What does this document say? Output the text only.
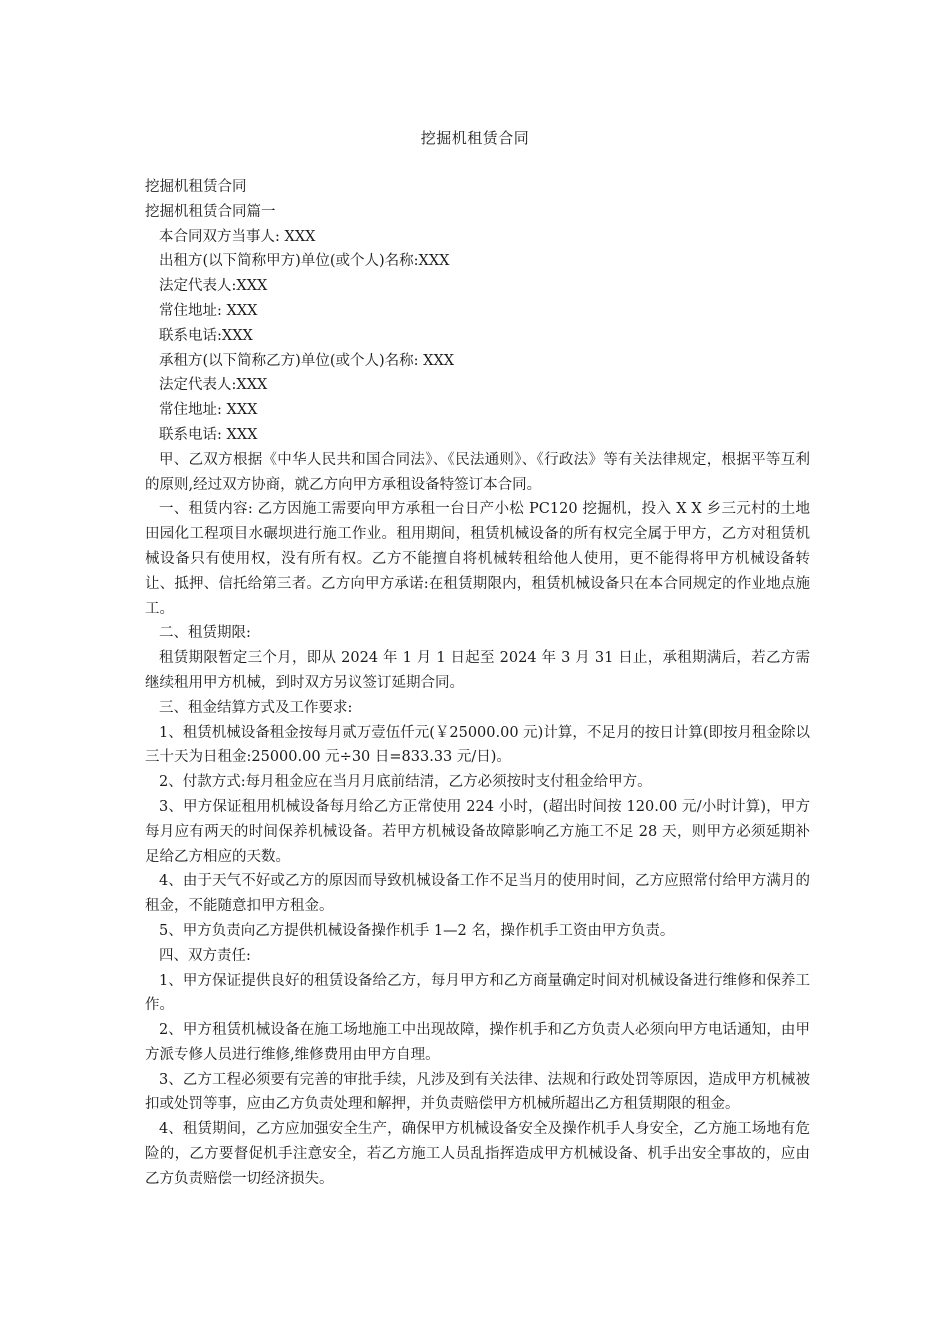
挖掘机租赁合同

挖掘机租赁合同

挖掘机租赁合同篇一

本合同双方当事人: XXX

出租方(以下简称甲方)单位(或个人)名称:XXX

法定代表人:XXX

常住地址: XXX

联系电话:XXX

承租方(以下简称乙方)单位(或个人)名称: XXX

法定代表人:XXX

常住地址: XXX

联系电话: XXX

甲、乙双方根据《中华人民共和国合同法》、《民法通则》、《行政法》等有关法律规定，根据平等互利的原则,经过双方协商，就乙方向甲方承租设备特签订本合同。

一、租赁内容: 乙方因施工需要向甲方承租一台日产小松 PC120 挖掘机，投入 X X 乡三元村的土地田园化工程项目水碾坝进行施工作业。租用期间，租赁机械设备的所有权完全属于甲方，乙方对租赁机械设备只有使用权，没有所有权。乙方不能擅自将机械转租给他人使用，更不能得将甲方机械设备转让、抵押、信托给第三者。乙方向甲方承诺:在租赁期限内，租赁机械设备只在本合同规定的作业地点施工。

二、租赁期限:

租赁期限暂定三个月，即从 2024 年 1 月 1 日起至 2024 年 3 月 31 日止，承租期满后，若乙方需继续租用甲方机械，到时双方另议签订延期合同。

三、租金结算方式及工作要求:

1、租赁机械设备租金按每月贰万壹伍仟元(￥25000.00 元)计算，不足月的按日计算(即按月租金除以三十天为日租金:25000.00 元÷30 日=833.33 元/日)。

2、付款方式:每月租金应在当月月底前结清，乙方必须按时支付租金给甲方。

3、甲方保证租用机械设备每月给乙方正常使用 224 小时，(超出时间按 120.00 元/小时计算)，甲方每月应有两天的时间保养机械设备。若甲方机械设备故障影响乙方施工不足 28 天，则甲方必须延期补足给乙方相应的天数。

4、由于天气不好或乙方的原因而导致机械设备工作不足当月的使用时间，乙方应照常付给甲方满月的租金，不能随意扣甲方租金。

5、甲方负责向乙方提供机械设备操作机手 1—2 名，操作机手工资由甲方负责。

四、双方责任:

1、甲方保证提供良好的租赁设备给乙方，每月甲方和乙方商量确定时间对机械设备进行维修和保养工作。

2、甲方租赁机械设备在施工场地施工中出现故障，操作机手和乙方负责人必须向甲方电话通知，由甲方派专修人员进行维修,维修费用由甲方自理。

3、乙方工程必须要有完善的审批手续，凡涉及到有关法律、法规和行政处罚等原因，造成甲方机械被扣或处罚等事，应由乙方负责处理和解押，并负责赔偿甲方机械所超出乙方租赁期限的租金。

4、租赁期间，乙方应加强安全生产，确保甲方机械设备安全及操作机手人身安全，乙方施工场地有危险的，乙方要督促机手注意安全，若乙方施工人员乱指挥造成甲方机械设备、机手出安全事故的，应由乙方负责赔偿一切经济损失。
